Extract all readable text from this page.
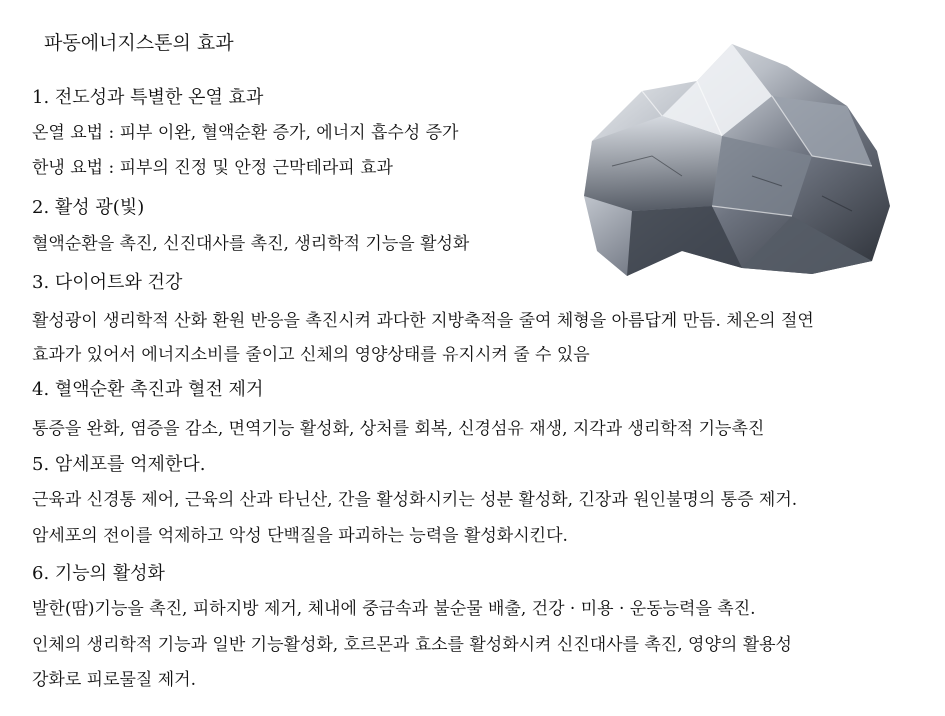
파동에너지스톤의 효과
1. 전도성과 특별한 온열 효과
온열 요법 : 피부 이완, 혈액순환 증가, 에너지 흡수성 증가
한냉 요법 : 피부의 진정 및 안정 근막테라피 효과
2. 활성 광(빛)
혈액순환을 촉진, 신진대사를 촉진, 생리학적 기능을 활성화
3. 다이어트와 건강
활성광이 생리학적 산화 환원 반응을 촉진시켜 과다한 지방축적을 줄여 체형을 아름답게 만듬. 체온의 절연
효과가 있어서 에너지소비를 줄이고 신체의 영양상태를 유지시켜 줄 수 있음
4. 혈액순환 촉진과 혈전 제거
통증을 완화, 염증을 감소, 면역기능 활성화, 상처를 회복, 신경섬유 재생, 지각과 생리학적 기능촉진
5. 암세포를 억제한다.
근육과 신경통 제어, 근육의 산과 타닌산, 간을 활성화시키는 성분 활성화, 긴장과 원인불명의 통증 제거.
암세포의 전이를 억제하고 악성 단백질을 파괴하는 능력을 활성화시킨다.
6. 기능의 활성화
발한(땀)기능을 촉진, 피하지방 제거, 체내에 중금속과 불순물 배출, 건강 · 미용 · 운동능력을 촉진.
인체의 생리학적 기능과 일반 기능활성화, 호르몬과 효소를 활성화시켜 신진대사를 촉진, 영양의 활용성
강화로 피로물질 제거.
